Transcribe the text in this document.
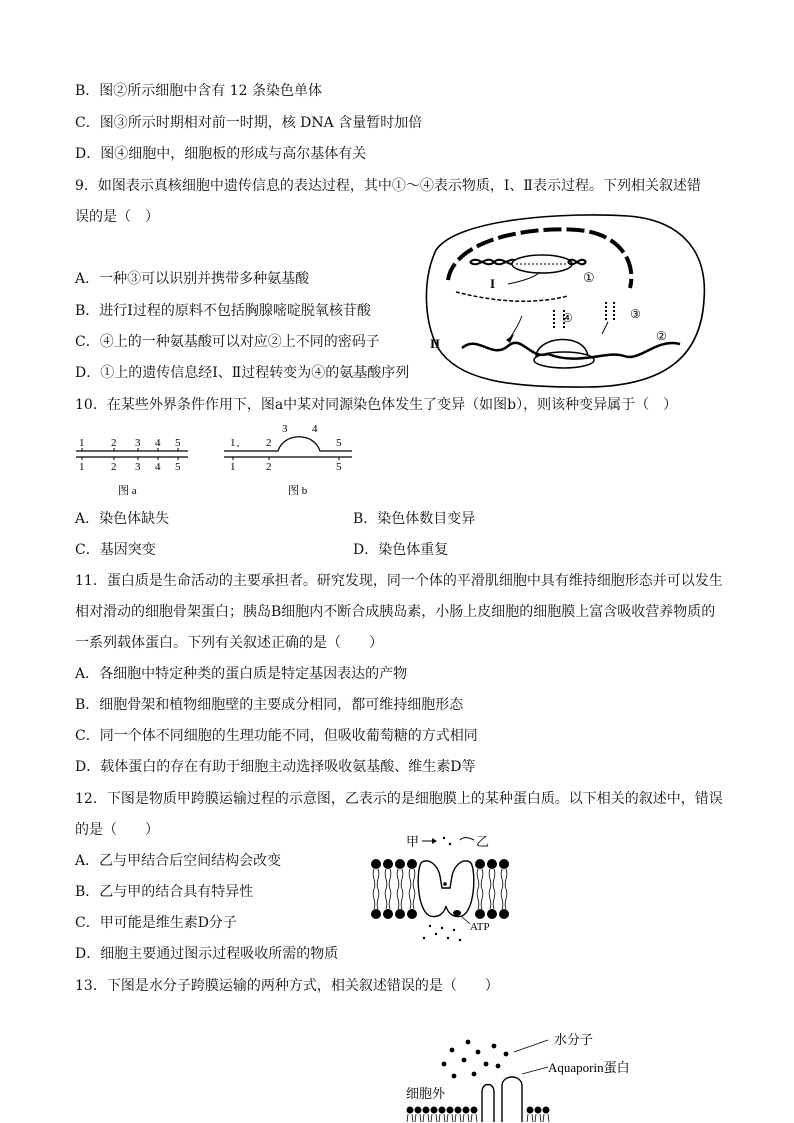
B．图②所示细胞中含有 12 条染色单体
C．图③所示时期相对前一时期，核 DNA 含量暂时加倍
D．图④细胞中，细胞板的形成与高尔基体有关
9．如图表示真核细胞中遗传信息的表达过程，其中①～④表示物质，Ⅰ、Ⅱ表示过程。下列相关叙述错
误的是（　）
A．一种③可以识别并携带多种氨基酸
B．进行Ⅰ过程的原料不包括胸腺嘧啶脱氧核苷酸
C．④上的一种氨基酸可以对应②上不同的密码子
D．①上的遗传信息经Ⅰ、Ⅱ过程转变为④的氨基酸序列
10．在某些外界条件作用下，图a中某对同源染色体发生了变异（如图b），则该种变异属于（　）
A．染色体缺失	B．染色体数目变异
C．基因突变	D．染色体重复
11．蛋白质是生命活动的主要承担者。研究发现，同一个体的平滑肌细胞中具有维持细胞形态并可以发生
相对滑动的细胞骨架蛋白；胰岛B细胞内不断合成胰岛素，小肠上皮细胞的细胞膜上富含吸收营养物质的
一系列载体蛋白。下列有关叙述正确的是（　　）
A．各细胞中特定种类的蛋白质是特定基因表达的产物
B．细胞骨架和植物细胞壁的主要成分相同，都可维持细胞形态
C．同一个体不同细胞的生理功能不同，但吸收葡萄糖的方式相同
D．载体蛋白的存在有助于细胞主动选择吸收氨基酸、维生素D等
12．下图是物质甲跨膜运输过程的示意图，乙表示的是细胞膜上的某种蛋白质。以下相关的叙述中，错误
的是（　　）
A．乙与甲结合后空间结构会改变
B．乙与甲的结合具有特异性
C．甲可能是维生素D分子
D．细胞主要通过图示过程吸收所需的物质
13．下图是水分子跨膜运输的两种方式，相关叙述错误的是（　　）
①
I
④	③
II	②
1 2 3 4 5
1 2 3 4 5
图 a	图 b
1	2
3 4
5
1	2	5
甲	乙
ATP
水分子
Aquaporin蛋白
细胞外
